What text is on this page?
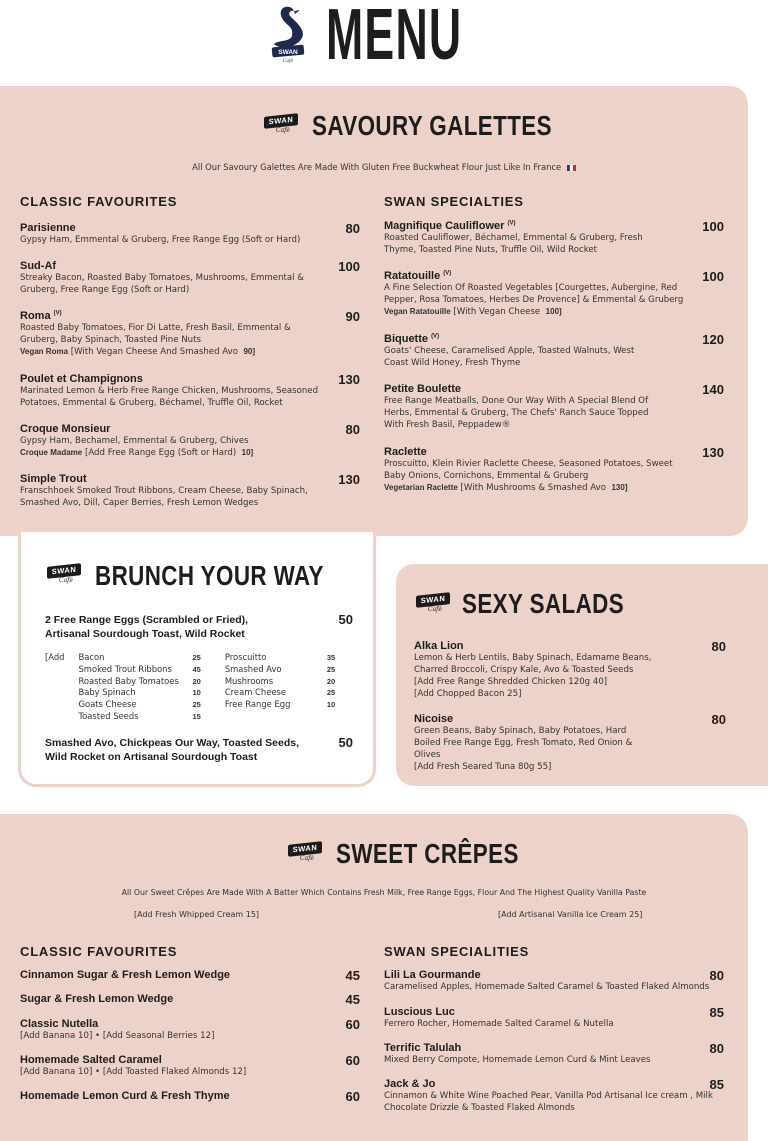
SWAN
Café MENU
SWAN
Café SAVOURY GALETTES
All Our Savoury Galettes Are Made With Gluten Free Buckwheat Flour Just Like In France
CLASSIC FAVOURITES	SWAN SPECIALTIES
Parisienne	80
Gypsy Ham, Emmental & Gruberg, Free Range Egg (Soft or Hard)
Sud-Af	100
Streaky Bacon, Roasted Baby Tomatoes, Mushrooms, Emmental & Gruberg, Free Range Egg (Soft or Hard)
Roma $^{(V)}$	90
Roasted Baby Tomatoes, Fior Di Latte, Fresh Basil, Emmental & Gruberg, Baby Spinach, Toasted Pine Nuts
Vegan Roma [With Vegan Cheese And Smashed Avo 90]
Poulet et Champignons	130
Marinated Lemon & Herb Free Range Chicken, Mushrooms, Seasoned Potatoes, Emmental & Gruberg, Béchamel, Truffle Oil, Rocket
Croque Monsieur	80
Gypsy Ham, Bechamel, Emmental & Gruberg, Chives
Croque Madame [Add Free Range Egg (Soft or Hard) 10]
Simple Trout	130
Franschhoek Smoked Trout Ribbons, Cream Cheese, Baby Spinach, Smashed Avo, Dill, Caper Berries, Fresh Lemon Wedges
Magnifique Cauliflower $^{(V)}$	100
Roasted Cauliflower, Béchamel, Emmental & Gruberg, Fresh Thyme, Toasted Pine Nuts, Truffle Oil, Wild Rocket
Ratatouille $^{(V)}$	100
A Fine Selection Of Roasted Vegetables [Courgettes, Aubergine, Red Pepper, Rosa Tomatoes, Herbes De Provence] & Emmental & Gruberg
Vegan Ratatouille [With Vegan Cheese 100]
Biquette $^{(V)}$	120
Goats' Cheese, Caramelised Apple, Toasted Walnuts, West Coast Wild Honey, Fresh Thyme
Petite Boulette	140
Free Range Meatballs, Done Our Way With A Special Blend Of Herbs, Emmental & Gruberg, The Chefs' Ranch Sauce Topped With Fresh Basil, Peppadew®
Raclette	130
Proscuitto, Klein Rivier Raclette Cheese, Seasoned Potatoes, Sweet Baby Onions, Cornichons, Emmental & Gruberg
Vegetarian Raclette [With Mushrooms & Smashed Avo 130]
SWAN
Café BRUNCH YOUR WAY
2 Free Range Eggs (Scrambled or Fried), Artisanal Sourdough Toast, Wild Rocket
50
[Add	Bacon	25	Proscuitto	35
	Smoked Trout Ribbons	45	Smashed Avo	25
	Roasted Baby Tomatoes	20	Mushrooms	20
	Baby Spinach	10	Cream Cheese	25
	Goats Cheese	25	Free Range Egg	10
	Toasted Seeds	15		
Smashed Avo, Chickpeas Our Way, Toasted Seeds, Wild Rocket on Artisanal Sourdough Toast
50
SWAN
Café SEXY SALADS
Alka Lion	80
Lemon & Herb Lentils, Baby Spinach, Edamame Beans, Charred Broccoli, Crispy Kale, Avo & Toasted Seeds
[Add Free Range Shredded Chicken 120g 40]
[Add Chopped Bacon 25]
Nicoise	80
Green Beans, Baby Spinach, Baby Potatoes, Hard Boiled Free Range Egg, Fresh Tomato, Red Onion & Olives
[Add Fresh Seared Tuna 80g 55]
SWAN
Café SWEET CRÊPES
All Our Sweet Crêpes Are Made With A Batter Which Contains Fresh Milk, Free Range Eggs, Flour And The Highest Quality Vanilla Paste
[Add Fresh Whipped Cream 15]	[Add Artisanal Vanilla Ice Cream 25]
CLASSIC FAVOURITES	SWAN SPECIALITIES
Cinnamon Sugar & Fresh Lemon Wedge	45
Sugar & Fresh Lemon Wedge	45
Classic Nutella	60
[Add Banana 10] • [Add Seasonal Berries 12]
Homemade Salted Caramel	60
[Add Banana 10] • [Add Toasted Flaked Almonds 12]
Homemade Lemon Curd & Fresh Thyme	60
Lili La Gourmande	80
Caramelised Apples, Homemade Salted Caramel & Toasted Flaked Almonds
Luscious Luc	85
Ferrero Rocher, Homemade Salted Caramel & Nutella
Terrific Talulah	80
Mixed Berry Compote, Homemade Lemon Curd & Mint Leaves
Jack & Jo	85
Cinnamon & White Wine Poached Pear, Vanilla Pod Artisanal Ice cream , Milk Chocolate Drizzle & Toasted Flaked Almonds
